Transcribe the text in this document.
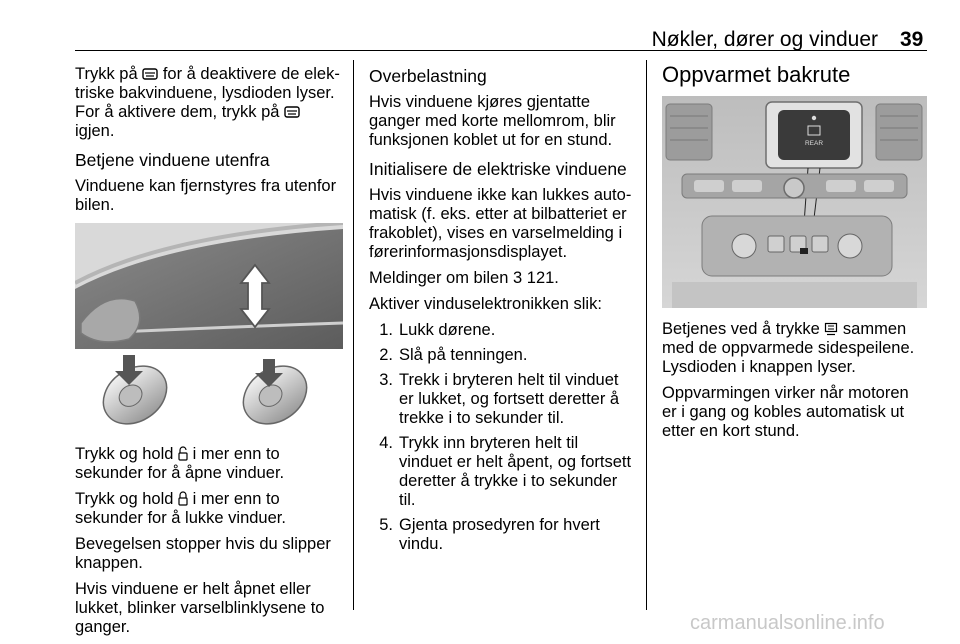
Nøkler, dører og vinduer 39

Trykk på  for å deaktivere de elektriske bakvinduene, lysdioden lyser. For å aktivere dem, trykk på  igjen.

Betjene vinduene utenfra

Vinduene kan fjernstyres fra utenfor bilen.

Trykk og hold  i mer enn to sekunder for å åpne vinduer.

Trykk og hold  i mer enn to sekunder for å lukke vinduer.

Bevegelsen stopper hvis du slipper knappen.

Hvis vinduene er helt åpnet eller lukket, blinker varselblinklysene to ganger.

Overbelastning

Hvis vinduene kjøres gjentatte ganger med korte mellomrom, blir funksjonen koblet ut for en stund.

Initialisere de elektriske vinduene

Hvis vinduene ikke kan lukkes automatisk (f. eks. etter at bilbatteriet er frakoblet), vises en varselmelding i førerinformasjonsdisplayet.

Meldinger om bilen 3 121.

Aktiver vinduselektronikken slik:

1. Lukk dørene.
2. Slå på tenningen.
3. Trekk i bryteren helt til vinduet er lukket, og fortsett deretter å trekke i to sekunder til.
4. Trykk inn bryteren helt til vinduet er helt åpent, og fortsett deretter å trykke i to sekunder til.
5. Gjenta prosedyren for hvert vindu.
Oppvarmet bakrute
REAR

Betjenes ved å trykke  sammen med de oppvarmede sidespeilene. Lysdioden i knappen lyser.

Oppvarmingen virker når motoren er i gang og kobles automatisk ut etter en kort stund.

carmanualsonline.info
